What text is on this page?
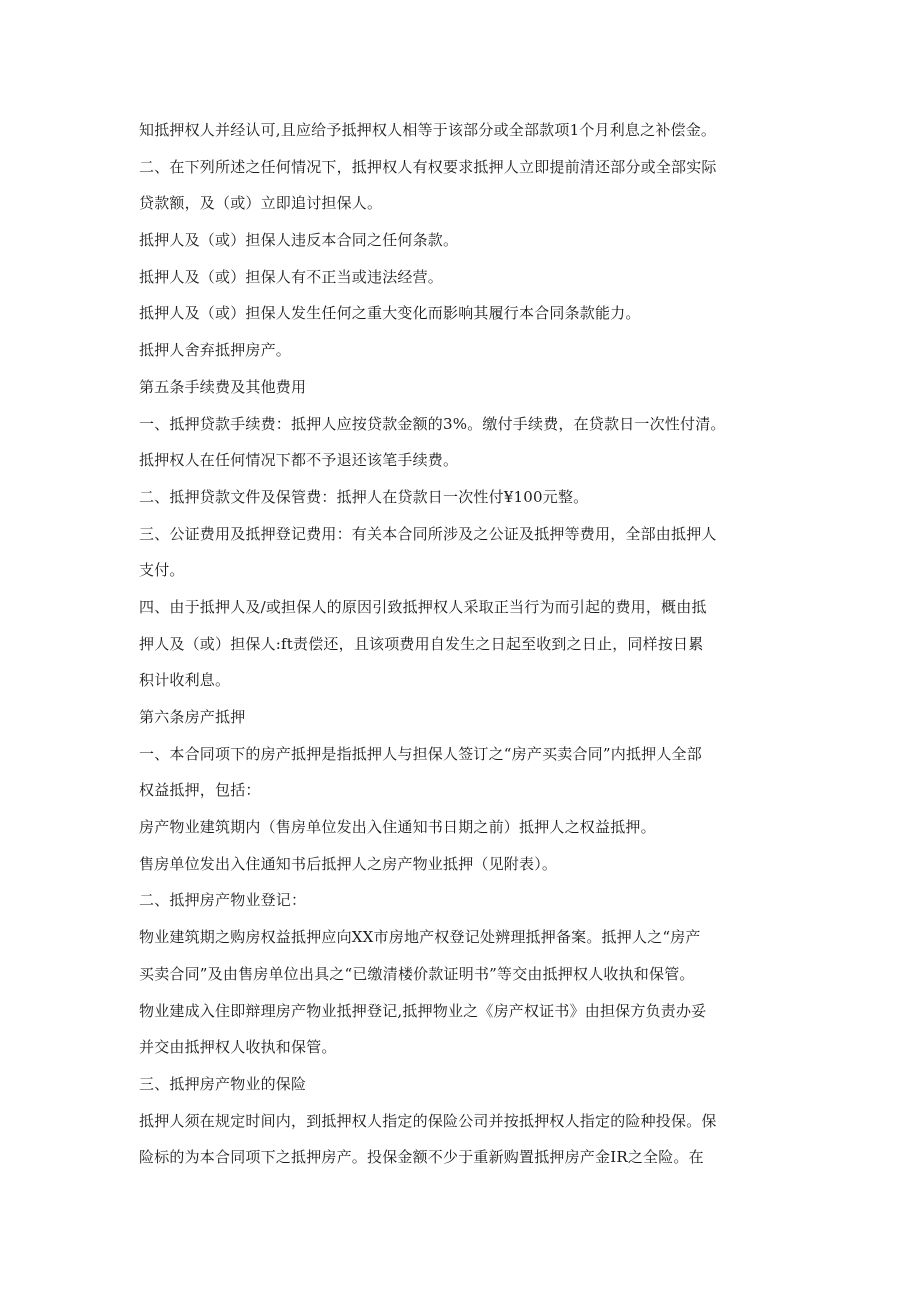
知抵押权人并经认可,且应给予抵押权人相等于该部分或全部款项1个月利息之补偿金。
二、在下列所述之任何情况下，抵押权人有权要求抵押人立即提前清还部分或全部实际
贷款额，及（或）立即追讨担保人。
抵押人及（或）担保人违反本合同之任何条款。
抵押人及（或）担保人有不正当或违法经营。
抵押人及（或）担保人发生任何之重大变化而影响其履行本合同条款能力。
抵押人舍弃抵押房产。
第五条手续费及其他费用
一、抵押贷款手续费：抵押人应按贷款金额的3%。缴付手续费，在贷款日一次性付清。
抵押权人在任何情况下都不予退还该笔手续费。
二、抵押贷款文件及保管费：抵押人在贷款日一次性付¥100元整。
三、公证费用及抵押登记费用：有关本合同所涉及之公证及抵押等费用，全部由抵押人
支付。
四、由于抵押人及/或担保人的原因引致抵押权人采取正当行为而引起的费用，概由抵
押人及（或）担保人:ft责偿还，且该项费用自发生之日起至收到之日止，同样按日累
积计收利息。
第六条房产抵押
一、本合同项下的房产抵押是指抵押人与担保人签订之“房产买卖合同”内抵押人全部
权益抵押，包括：
房产物业建筑期内（售房单位发出入住通知书日期之前）抵押人之权益抵押。
售房单位发出入住通知书后抵押人之房产物业抵押（见附表）。
二、抵押房产物业登记：
物业建筑期之购房权益抵押应向XX市房地产权登记处辨理抵押备案。抵押人之“房产
买卖合同”及由售房单位出具之“已缴清楼价款证明书”等交由抵押权人收执和保管。
物业建成入住即辩理房产物业抵押登记,抵押物业之《房产权证书》由担保方负责办妥
并交由抵押权人收执和保管。
三、抵押房产物业的保险
抵押人须在规定时间内，到抵押权人指定的保险公司并按抵押权人指定的险种投保。保
险标的为本合同项下之抵押房产。投保金额不少于重新购置抵押房产金IR之全险。在
